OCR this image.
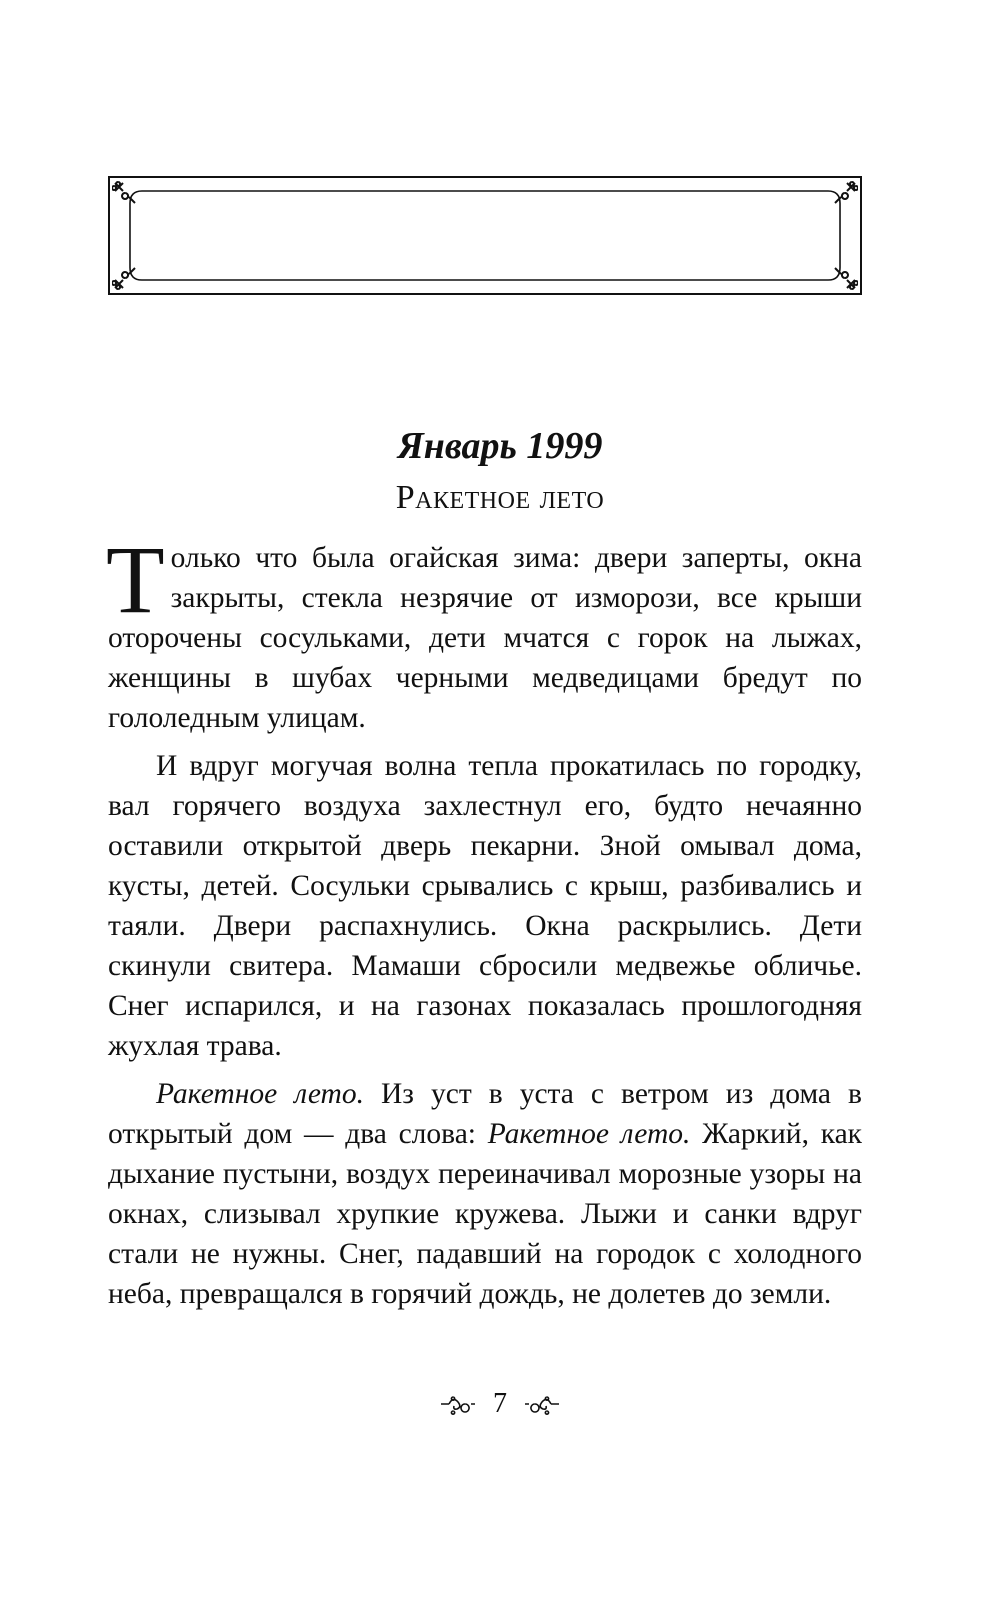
Январь 1999
Ракетное лето

Только что была огайская зима: двери заперты, окна закрыты, стекла незрячие от изморози, все крыши оторочены сосульками, дети мчатся с горок на лыжах, женщины в шубах черными медведицами бредут по гололедным улицам.

И вдруг могучая волна тепла прокатилась по городку, вал горячего воздуха захлестнул его, будто нечаянно оставили открытой дверь пекарни. Зной омывал дома, кусты, детей. Сосульки срывались с крыш, разбивались и таяли. Двери распахнулись. Окна раскрылись. Дети скинули свитера. Мамаши сбросили медвежье обличье. Снег испарился, и на газонах показалась прошлогодняя жухлая трава.

Ракетное лето. Из уст в уста с ветром из дома в открытый дом — два слова: Ракетное лето. Жаркий, как дыхание пустыни, воздух переиначивал морозные узоры на окнах, слизывал хрупкие кружева. Лыжи и санки вдруг стали не нужны. Снег, падавший на городок с холодного неба, превращался в горячий дождь, не долетев до земли.

7
